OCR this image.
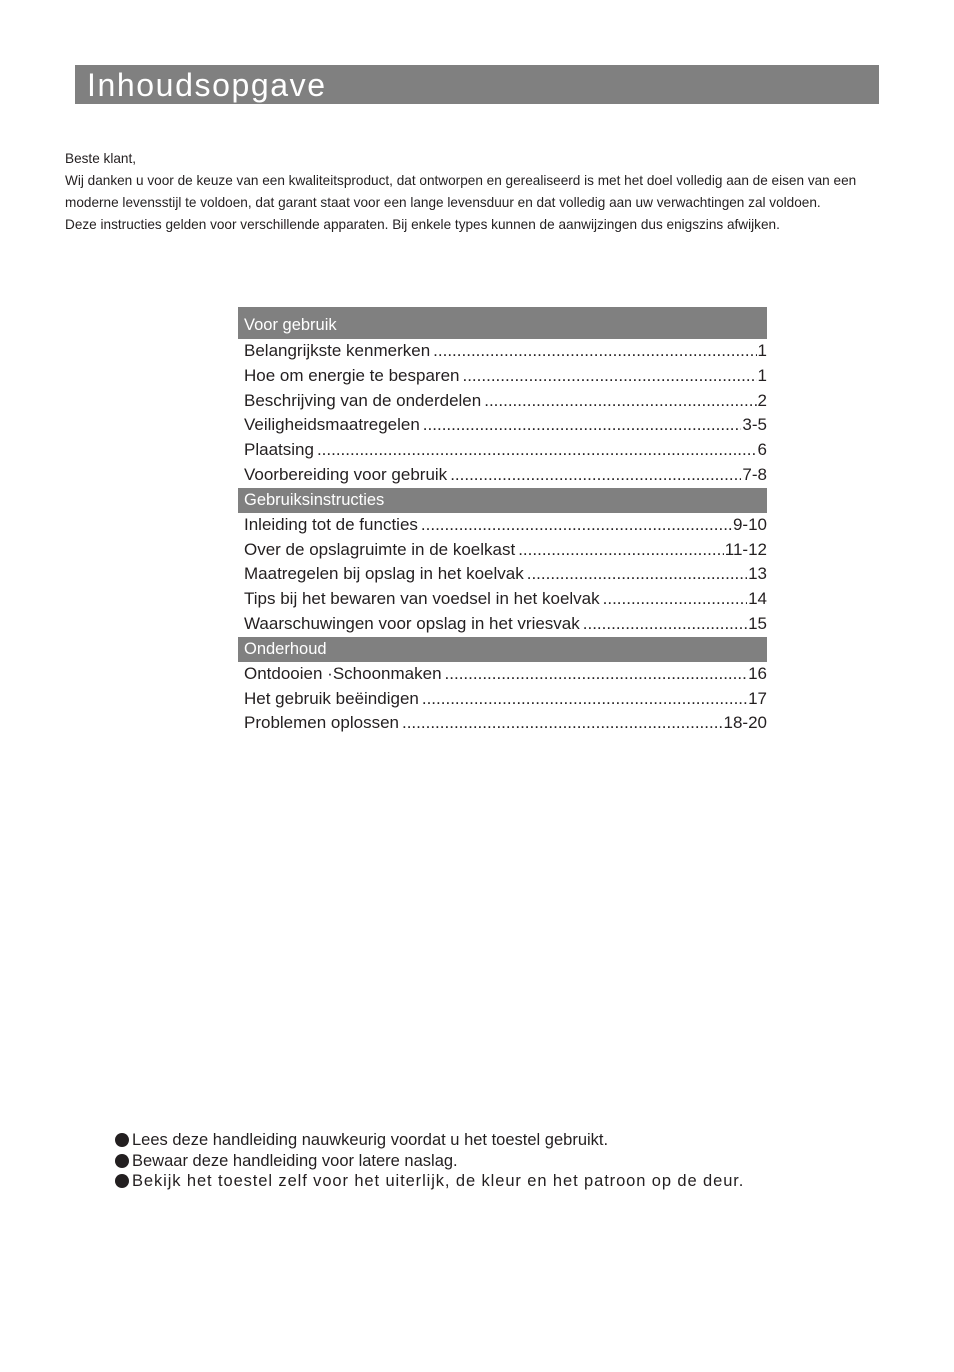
Inhoudsopgave
Beste klant,
Wij danken u voor de keuze van een kwaliteitsproduct, dat ontworpen en gerealiseerd is met het doel volledig aan de eisen van een
moderne levensstijl te voldoen, dat garant staat voor een lange levensduur en dat volledig aan uw verwachtingen zal voldoen.
Deze instructies gelden voor verschillende apparaten. Bij enkele types kunnen de aanwijzingen dus enigszins afwijken.
Voor gebruik
Belangrijkste kenmerken .....	1
Hoe om energie te besparen .....	1
Beschrijving van de onderdelen .....	2
Veiligheidsmaatregelen .....	3-5
Plaatsing .....	6
Voorbereiding voor gebruik .....	7-8
Gebruiksinstructies
Inleiding tot de functies .....	9-10
Over de opslagruimte in de koelkast .....	11-12
Maatregelen bij opslag in het koelvak .....	13
Tips bij het bewaren van voedsel in het koelvak .....	14
Waarschuwingen voor opslag in het vriesvak .....	15
Onderhoud
Ontdooien ·Schoonmaken .....	16
Het gebruik beëindigen .....	17
Problemen oplossen .....	18-20
Lees deze handleiding nauwkeurig voordat u het toestel gebruikt.
Bewaar deze handleiding voor latere naslag.
Bekijk het toestel zelf voor het uiterlijk, de kleur en het patroon op de deur.
